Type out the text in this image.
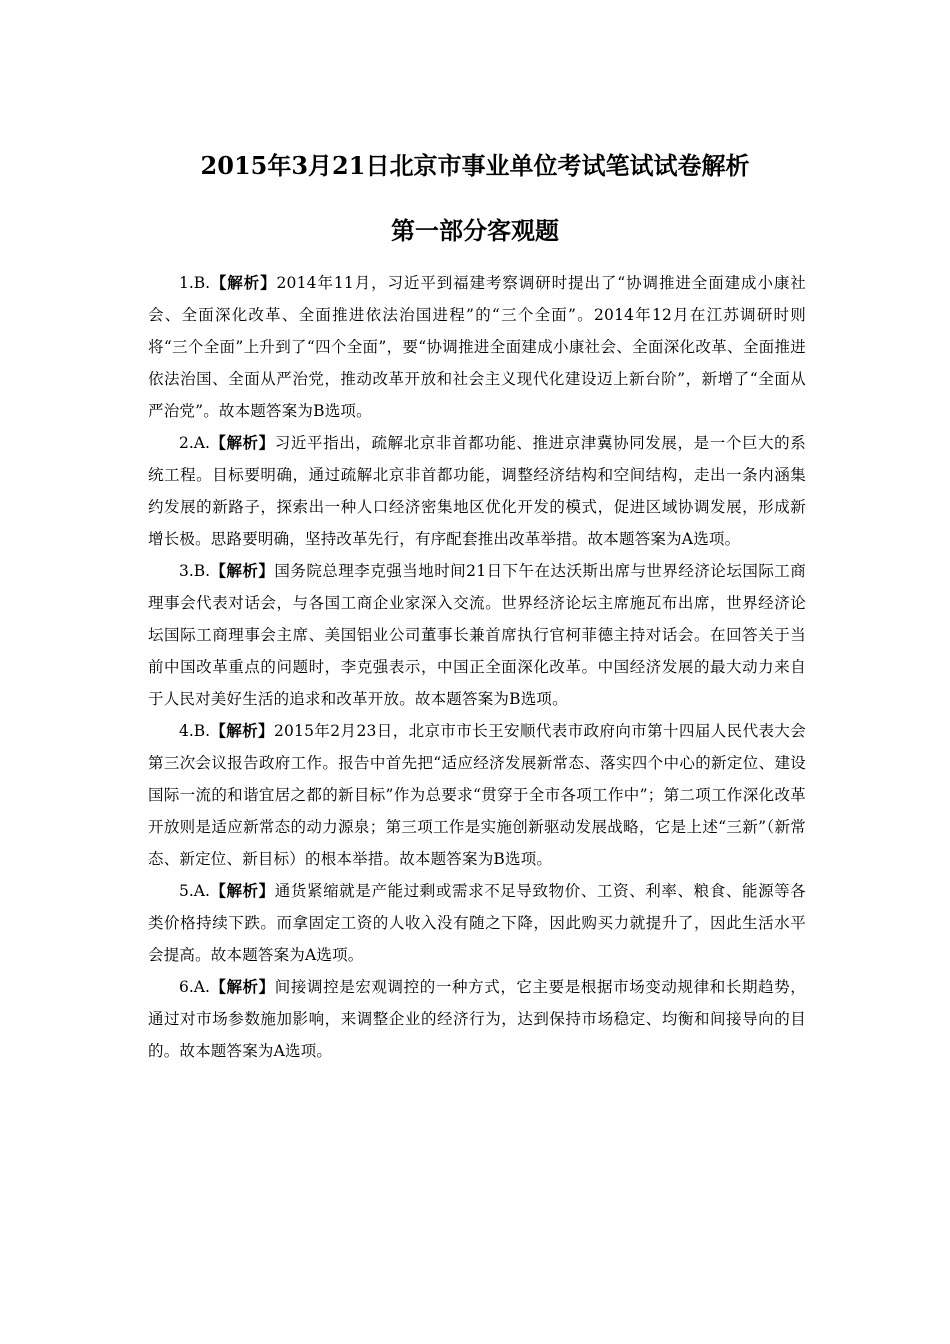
2015年3月21日北京市事业单位考试笔试试卷解析
第一部分客观题

1.B.【解析】2014年11月，习近平到福建考察调研时提出了“协调推进全面建成小康社会、全面深化改革、全面推进依法治国进程”的“三个全面”。2014年12月在江苏调研时则将“三个全面”上升到了“四个全面”，要“协调推进全面建成小康社会、全面深化改革、全面推进依法治国、全面从严治党，推动改革开放和社会主义现代化建设迈上新台阶”，新增了“全面从严治党”。故本题答案为B选项。

2.A.【解析】习近平指出，疏解北京非首都功能、推进京津冀协同发展，是一个巨大的系统工程。目标要明确，通过疏解北京非首都功能，调整经济结构和空间结构，走出一条内涵集约发展的新路子，探索出一种人口经济密集地区优化开发的模式，促进区域协调发展，形成新增长极。思路要明确，坚持改革先行，有序配套推出改革举措。故本题答案为A选项。

3.B.【解析】国务院总理李克强当地时间21日下午在达沃斯出席与世界经济论坛国际工商理事会代表对话会，与各国工商企业家深入交流。世界经济论坛主席施瓦布出席，世界经济论坛国际工商理事会主席、美国铝业公司董事长兼首席执行官柯菲德主持对话会。在回答关于当前中国改革重点的问题时，李克强表示，中国正全面深化改革。中国经济发展的最大动力来自于人民对美好生活的追求和改革开放。故本题答案为B选项。

4.B.【解析】2015年2月23日，北京市市长王安顺代表市政府向市第十四届人民代表大会第三次会议报告政府工作。报告中首先把“适应经济发展新常态、落实四个中心的新定位、建设国际一流的和谐宜居之都的新目标”作为总要求“贯穿于全市各项工作中”；第二项工作深化改革开放则是适应新常态的动力源泉；第三项工作是实施创新驱动发展战略，它是上述“三新”（新常态、新定位、新目标）的根本举措。故本题答案为B选项。

5.A.【解析】通货紧缩就是产能过剩或需求不足导致物价、工资、利率、粮食、能源等各类价格持续下跌。而拿固定工资的人收入没有随之下降，因此购买力就提升了，因此生活水平会提高。故本题答案为A选项。

6.A.【解析】间接调控是宏观调控的一种方式，它主要是根据市场变动规律和长期趋势，通过对市场参数施加影响，来调整企业的经济行为，达到保持市场稳定、均衡和间接导向的目的。故本题答案为A选项。
